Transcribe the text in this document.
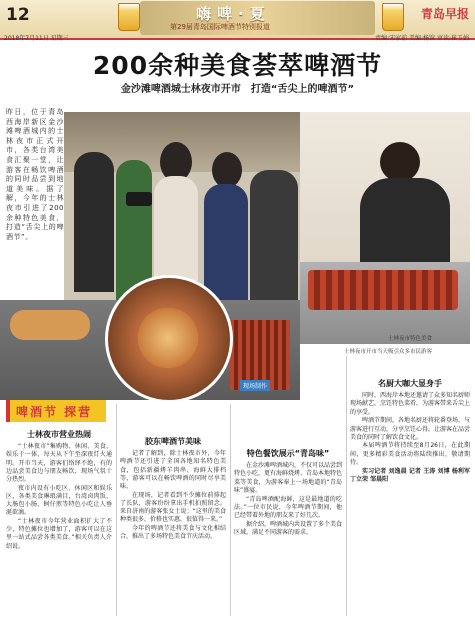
12	嗨啤·夏
第29届青岛国际啤酒节特别报道
青岛早报
2018年7月11日 星期三	责编:宋家前 美编:杨馆 审读:崔玉娟
200余种美食荟萃啤酒节
金沙滩啤酒城士林夜市开市　打造“舌尖上的啤酒节”
昨日，位于青岛西海岸新区金沙滩啤酒城内的士林夜市正式开市，各类台湾美食汇聚一堂，让游客在畅饮啤酒的同时品尝到地道美味。据了解，今年的士林夜市引进了200余种特色美食，打造“舌尖上的啤酒节”。
士林夜市特色美食
现场制作
士林夜市开市当天吸引众多市民游客
啤酒节 探营
士林夜市营业热闹

“士林夜市”集购物、休闲、美食、娱乐于一体，每天从下午至深夜灯火通明。开市当天，游客们络绎不绝，有的边品尝美食边与朋友畅饮，现场气氛十分热烈。

夜市内设有小吃区、休闲区和娱乐区，各类美食琳琅满目，台湾卤肉饭、大肠包小肠、蚵仔煎等特色小吃让人垂涎欲滴。

“士林夜市今年营业面积扩大了不少，特色摊位也增加了，游客可以在这里一站式品尝各类美食。”相关负责人介绍说。

胶东啤酒节美味

记者了解到，除士林夜市外，今年啤酒节还引进了全国各地知名特色美食，包括新疆烤羊肉串、海鲜大排档等，游客可以在畅饮啤酒的同时尽享美味。

在现场，记者看到不少摊位前排起了长队，游客纷纷拿出手机拍照留念。来自济南的游客张女士说：“这里的美食种类很多，价格也实惠，很值得一来。”

今年的啤酒节还将美食与文化相结合，推出了多场特色美食节庆活动。

特色餐饮展示“青岛味”

在金沙滩啤酒城内，不仅可以品尝到特色小吃，更有海鲜烧烤、青岛本地特色菜等美食，为游客奉上一场地道的“青岛味”盛宴。

“青岛啤酒配海鲜，这是最地道的吃法。”一位市民说，今年啤酒节期间，他已经带着外地的朋友来了好几次。

据介绍，啤酒城内共设置了多个美食区域，满足不同游客的需求。

名厨大咖大显身手

同时，西海岸本地还邀请了众多知名厨师现场献艺，烹饪特色菜肴，为游客带来舌尖上的享受。

啤酒节期间，各地名厨还将轮番登场，与游客进行互动，分享烹饪心得，让游客在品尝美食的同时了解饮食文化。

本届啤酒节将持续至8月26日，在此期间，更多精彩美食活动将陆续推出，敬请期待。

实习记者 刘逸晨 记者 王涛 刘博 杨利军 丁立荣 邹晨阳
